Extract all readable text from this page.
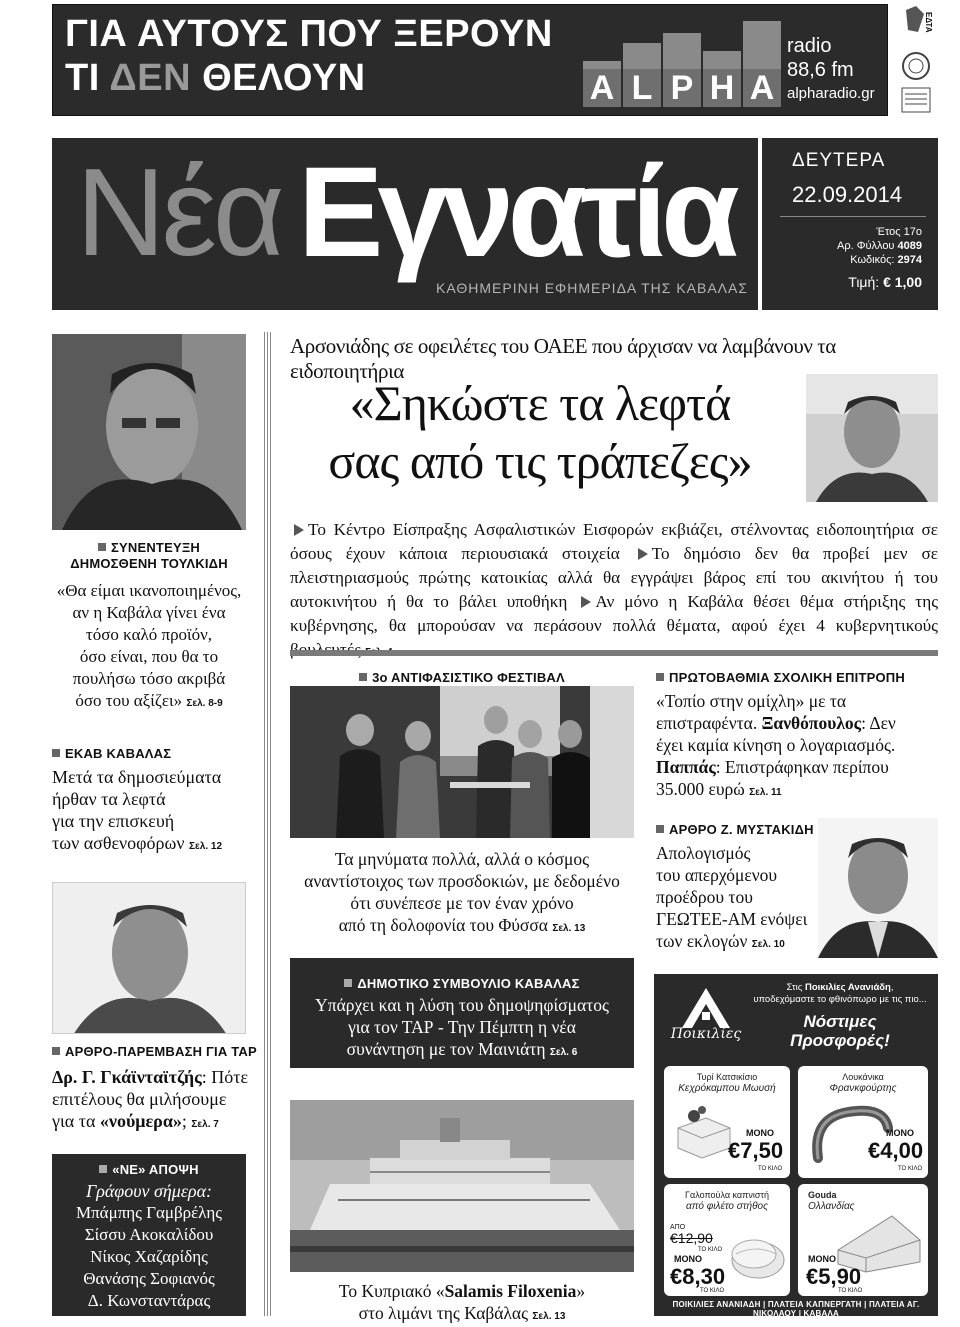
ΓΙΑ ΑΥΤΟΥΣ ΠΟΥ ΞΕΡΟΥΝ
ΤΙ ΔΕΝ ΘΕΛΟΥΝ	A L P H A
radio
88,6 fm
alpharadio.gr
ΕΔΤΑ
Νέα Εγνατία
ΚΑΘΗΜΕΡΙΝΗ ΕΦΗΜΕΡΙΔΑ ΤΗΣ ΚΑΒΑΛΑΣ
ΔΕΥΤΕΡΑ
22.09.2014
Έτος 17ο
Αρ. Φύλλου 4089
Κωδικός: 2974
Τιμή: € 1,00
ΣΥΝΕΝΤΕΥΞΗ
ΔΗΜΟΣΘΕΝΗ ΤΟΥΛΚΙΔΗ
«Θα είμαι ικανοποιημένος,
αν η Καβάλα γίνει ένα
τόσο καλό προϊόν,
όσο είναι, που θα το
πουλήσω τόσο ακριβά
όσο του αξίζει» Σελ. 8-9
ΕΚΑΒ ΚΑΒΑΛΑΣ
Μετά τα δημοσιεύματα
ήρθαν τα λεφτά
για την επισκευή
των ασθενοφόρων Σελ. 12
ΑΡΘΡΟ-ΠΑΡΕΜΒΑΣΗ ΓΙΑ ΤΑΡ
Δρ. Γ. Γκάϊνταϊτζής: Πότε
επιτέλους θα μιλήσουμε
για τα «νούμερα»; Σελ. 7
«ΝΕ» ΑΠΟΨΗ
Γράφουν σήμερα:
Μπάμπης Γαμβρέλης
Σίσσυ Ακοκαλίδου
Νίκος Χαζαρίδης
Θανάσης Σοφιανός
Δ. Κωνσταντάρας
Αρσονιάδης σε οφειλέτες του ΟΑΕΕ που άρχισαν να λαμβάνουν τα ειδοποιητήρια
«Σηκώστε τα λεφτά
σας από τις τράπεζες»
Το Κέντρο Είσπραξης Ασφαλιστικών Εισφορών εκβιάζει, στέλνοντας ειδοποιητήρια σε όσους έχουν κάποια περιουσιακά στοιχεία Το δημόσιο δεν θα προβεί μεν σε πλειστηριασμούς πρώτης κατοικίας αλλά θα εγγράψει βάρος επί του ακινήτου ή του αυτοκινήτου ή θα το βάλει υποθήκη Αν μόνο η Καβάλα θέσει θέμα στήριξης της κυβέρνησης, θα μπορούσαν να περάσουν πολλά θέματα, αφού έχει 4 κυβερνητικούς
3ο ΑΝΤΙΦΑΣΙΣΤΙΚΟ ΦΕΣΤΙΒΑΛ
Τα μηνύματα πολλά, αλλά ο κόσμος
αναντίστοιχος των προσδοκιών, με δεδομένο
ότι συνέπεσε με τον έναν χρόνο
από τη δολοφονία του Φύσσα Σελ. 13
ΔΗΜΟΤΙΚΟ ΣΥΜΒΟΥΛΙΟ ΚΑΒΑΛΑΣ
Υπάρχει και η λύση του δημοψηφίσματος
για τον ΤΑΡ - Την Πέμπτη η νέα
συνάντηση με τον Μαινιάτη Σελ. 6
Το Κυπριακό «Salamis Filoxenia»
στο λιμάνι της Καβάλας Σελ. 13
ΠΡΩΤΟΒΑΘΜΙΑ ΣΧΟΛΙΚΗ ΕΠΙΤΡΟΠΗ
«Τοπίο στην ομίχλη» με τα
επιστραφέντα. Ξανθόπουλος: Δεν
έχει καμία κίνηση ο λογαριασμός.
Παππάς: Επιστράφηκαν περίπου
35.000 ευρώ Σελ. 11
ΑΡΘΡΟ Ζ. ΜΥΣΤΑΚΙΔΗ
Απολογισμός
του απερχόμενου
προέδρου του
ΓΕΩΤΕΕ-ΑΜ ενόψει
των εκλογών Σελ. 10
Ποικιλίες
Στις Ποικιλίες Ανανιάδη,
υποδεχόμαστε το φθινόπωρο με τις πιο...
Νόστιμες
Προσφορές!
Τυρί Κατσικίσιο
Κεχρόκαμπου Μωυσή
ΜΟΝΟ
€7,50
ΤΟ ΚΙΛΟ
Λουκάνικα
Φρανκφούρτης
ΜΟΝΟ
€4,00
ΤΟ ΚΙΛΟ
Γαλοπούλα καπνιστή
από φιλέτο στήθος
ΑΠΟ
€12,90
ΤΟ ΚΙΛΟ
ΜΟΝΟ
€8,30
ΤΟ ΚΙΛΟ
Gouda
Ολλανδίας
ΜΟΝΟ
€5,90
ΤΟ ΚΙΛΟ
ΠΟΙΚΙΛΙΕΣ ΑΝΑΝΙΑΔΗ | ΠΛΑΤΕΙΑ ΚΑΠΝΕΡΓΑΤΗ | ΠΛΑΤΕΙΑ ΑΓ. ΝΙΚΟΛΑΟΥ | ΚΑΒΑΛΑ
